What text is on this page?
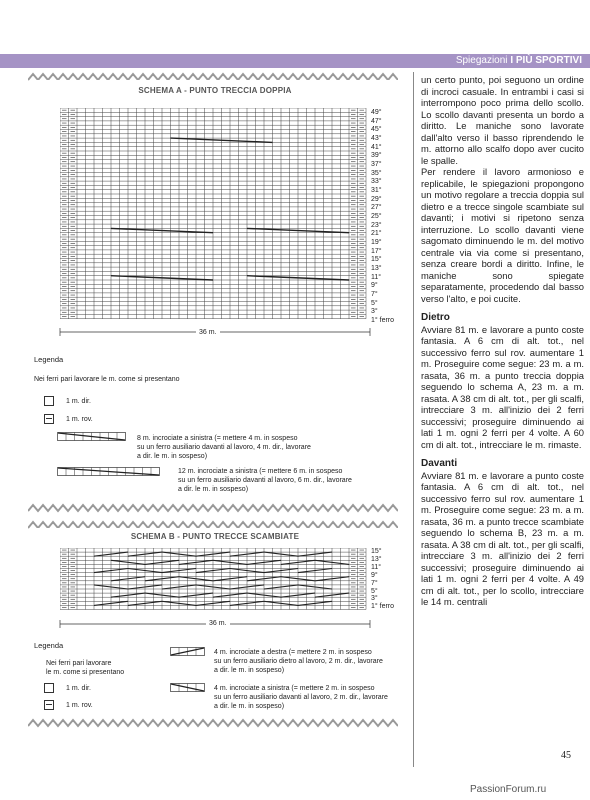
Spiegazioni I PIÙ SPORTIVI
SCHEMA A - PUNTO TRECCIA DOPPIA
49°
47°
45°
43°
41°
39°
37°
35°
33°
31°
29°
27°
25°
23°
21°
19°
17°
15°
13°
11°
9°
7°
5°
3°
1° ferro
36 m.
Legenda
Nei ferri pari lavorare le m. come si presentano
1 m. dir.
1 m. rov.
8 m. incrociate a sinistra (= mettere 4 m. in sospeso
su un ferro ausiliario davanti al lavoro, 4 m. dir., lavorare
a dir. le m. in sospeso)
12 m. incrociate a sinistra (= mettere 6 m. in sospeso
su un ferro ausiliario davanti al lavoro, 6 m. dir., lavorare
a dir. le m. in sospeso)
SCHEMA B - PUNTO TRECCE SCAMBIATE
15°
13°
11°
9°
7°
5°
3°
1° ferro
36 m.
Legenda
Nei ferri pari lavorare
le m. come si presentano
1 m. dir.
1 m. rov.
4 m. incrociate a destra (= mettere 2 m. in sospeso
su un ferro ausiliario dietro al lavoro, 2 m. dir., lavorare
a dir. le m. in sospeso)
4 m. incrociate a sinistra (= mettere 2 m. in sospeso
su un ferro ausiliario davanti al lavoro, 2 m. dir., lavorare
a dir. le m. in sospeso)

un certo punto, poi seguono un ordine di incroci casuale. In entrambi i casi si interrompono poco prima dello scollo. Lo scollo davanti presenta un bordo a diritto. Le maniche sono lavorate dall'alto verso il basso riprendendo le m. attorno allo scalfo dopo aver cucito le spalle.

Per rendere il lavoro armonioso e replicabile, le spiegazioni propongono un motivo regolare a treccia doppia sul dietro e a trecce singole scambiate sul davanti; i motivi si ripetono senza interruzione. Lo scollo davanti viene sagomato diminuendo le m. del motivo centrale via via come si presentano, senza creare bordi a diritto. Infine, le maniche sono spiegate separatamente, procedendo dal basso verso l'alto, e poi cucite.

Dietro

Avviare 81 m. e lavorare a punto coste fantasia. A 6 cm di alt. tot., nel successivo ferro sul rov. aumentare 1 m. Proseguire come segue: 23 m. a m. rasata, 36 m. a punto treccia doppia seguendo lo schema A, 23 m. a m. rasata. A 38 cm di alt. tot., per gli scalfi, intrecciare 3 m. all'inizio dei 2 ferri successivi; proseguire diminuendo ai lati 1 m. ogni 2 ferri per 4 volte. A 60 cm di alt. tot., intrecciare le m. rimaste.

Davanti

Avviare 81 m. e lavorare a punto coste fantasia. A 6 cm di alt. tot., nel successivo ferro sul rov. aumentare 1 m. Proseguire come segue: 23 m. a m. rasata, 36 m. a punto trecce scambiate seguendo lo schema B, 23 m. a m. rasata. A 38 cm di alt. tot., per gli scalfi, intrecciare 3 m. all'inizio dei 2 ferri successivi; proseguire diminuendo ai lati 1 m. ogni 2 ferri per 4 volte. A 49 cm di alt. tot., per lo scollo, intrecciare le 14 m. centrali

45
PassionForum.ru
